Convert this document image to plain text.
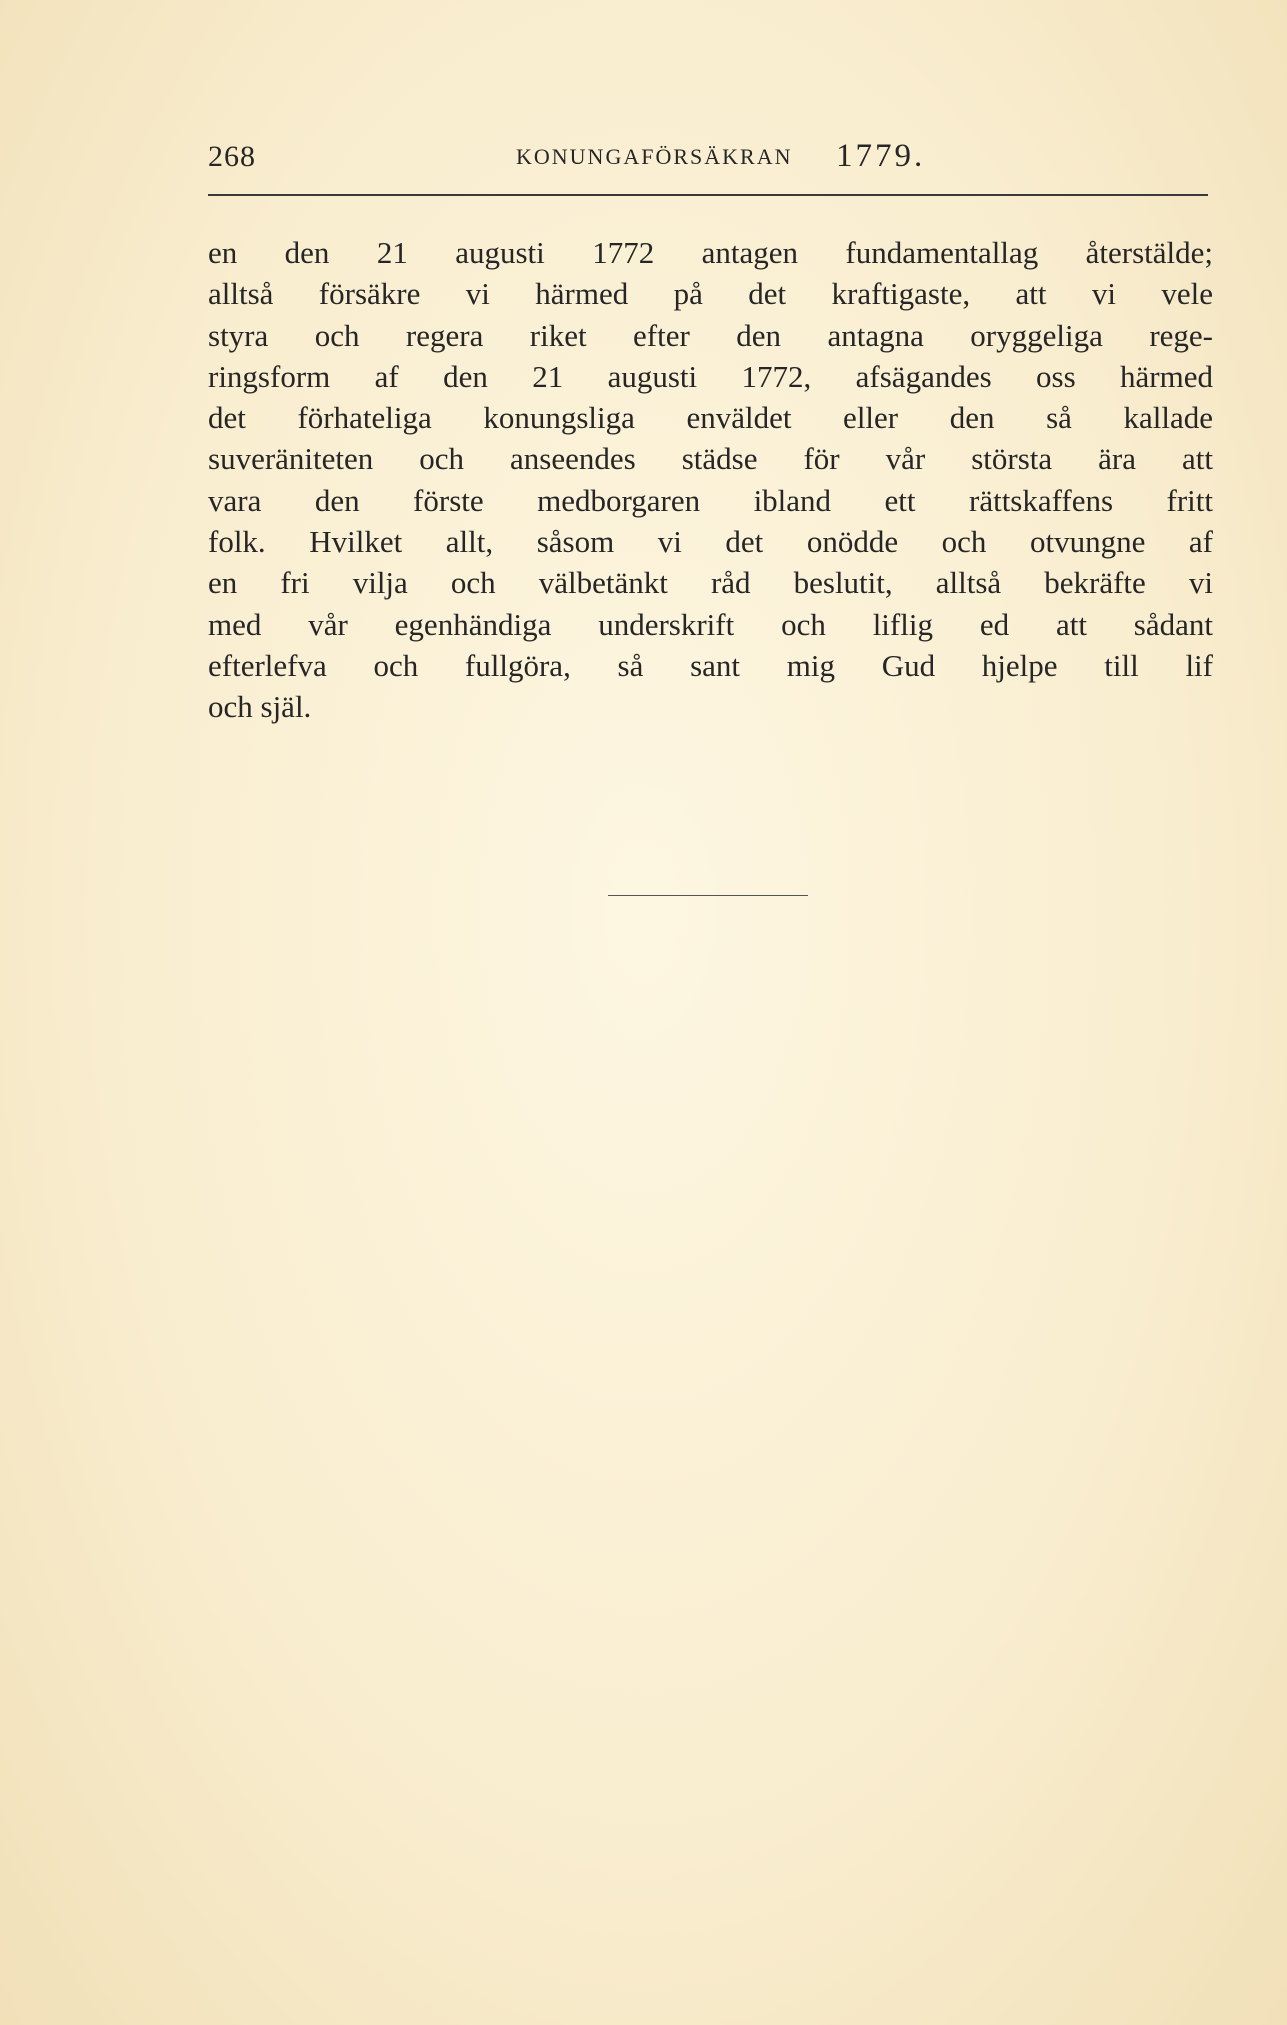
268	KONUNGAFÖRSÄKRAN 1779.
en den 21 augusti 1772 antagen fundamentallag återstälde;
alltså försäkre vi härmed på det kraftigaste, att vi vele
styra och regera riket efter den antagna oryggeliga rege-
ringsform af den 21 augusti 1772, afsägandes oss härmed
det förhateliga konungsliga enväldet eller den så kallade
suveräniteten och anseendes städse för vår största ära att
vara den förste medborgaren ibland ett rättskaffens fritt
folk. Hvilket allt, såsom vi det onödde och otvungne af
en fri vilja och välbetänkt råd beslutit, alltså bekräfte vi
med vår egenhändiga underskrift och liflig ed att sådant
efterlefva och fullgöra, så sant mig Gud hjelpe till lif
och själ.
